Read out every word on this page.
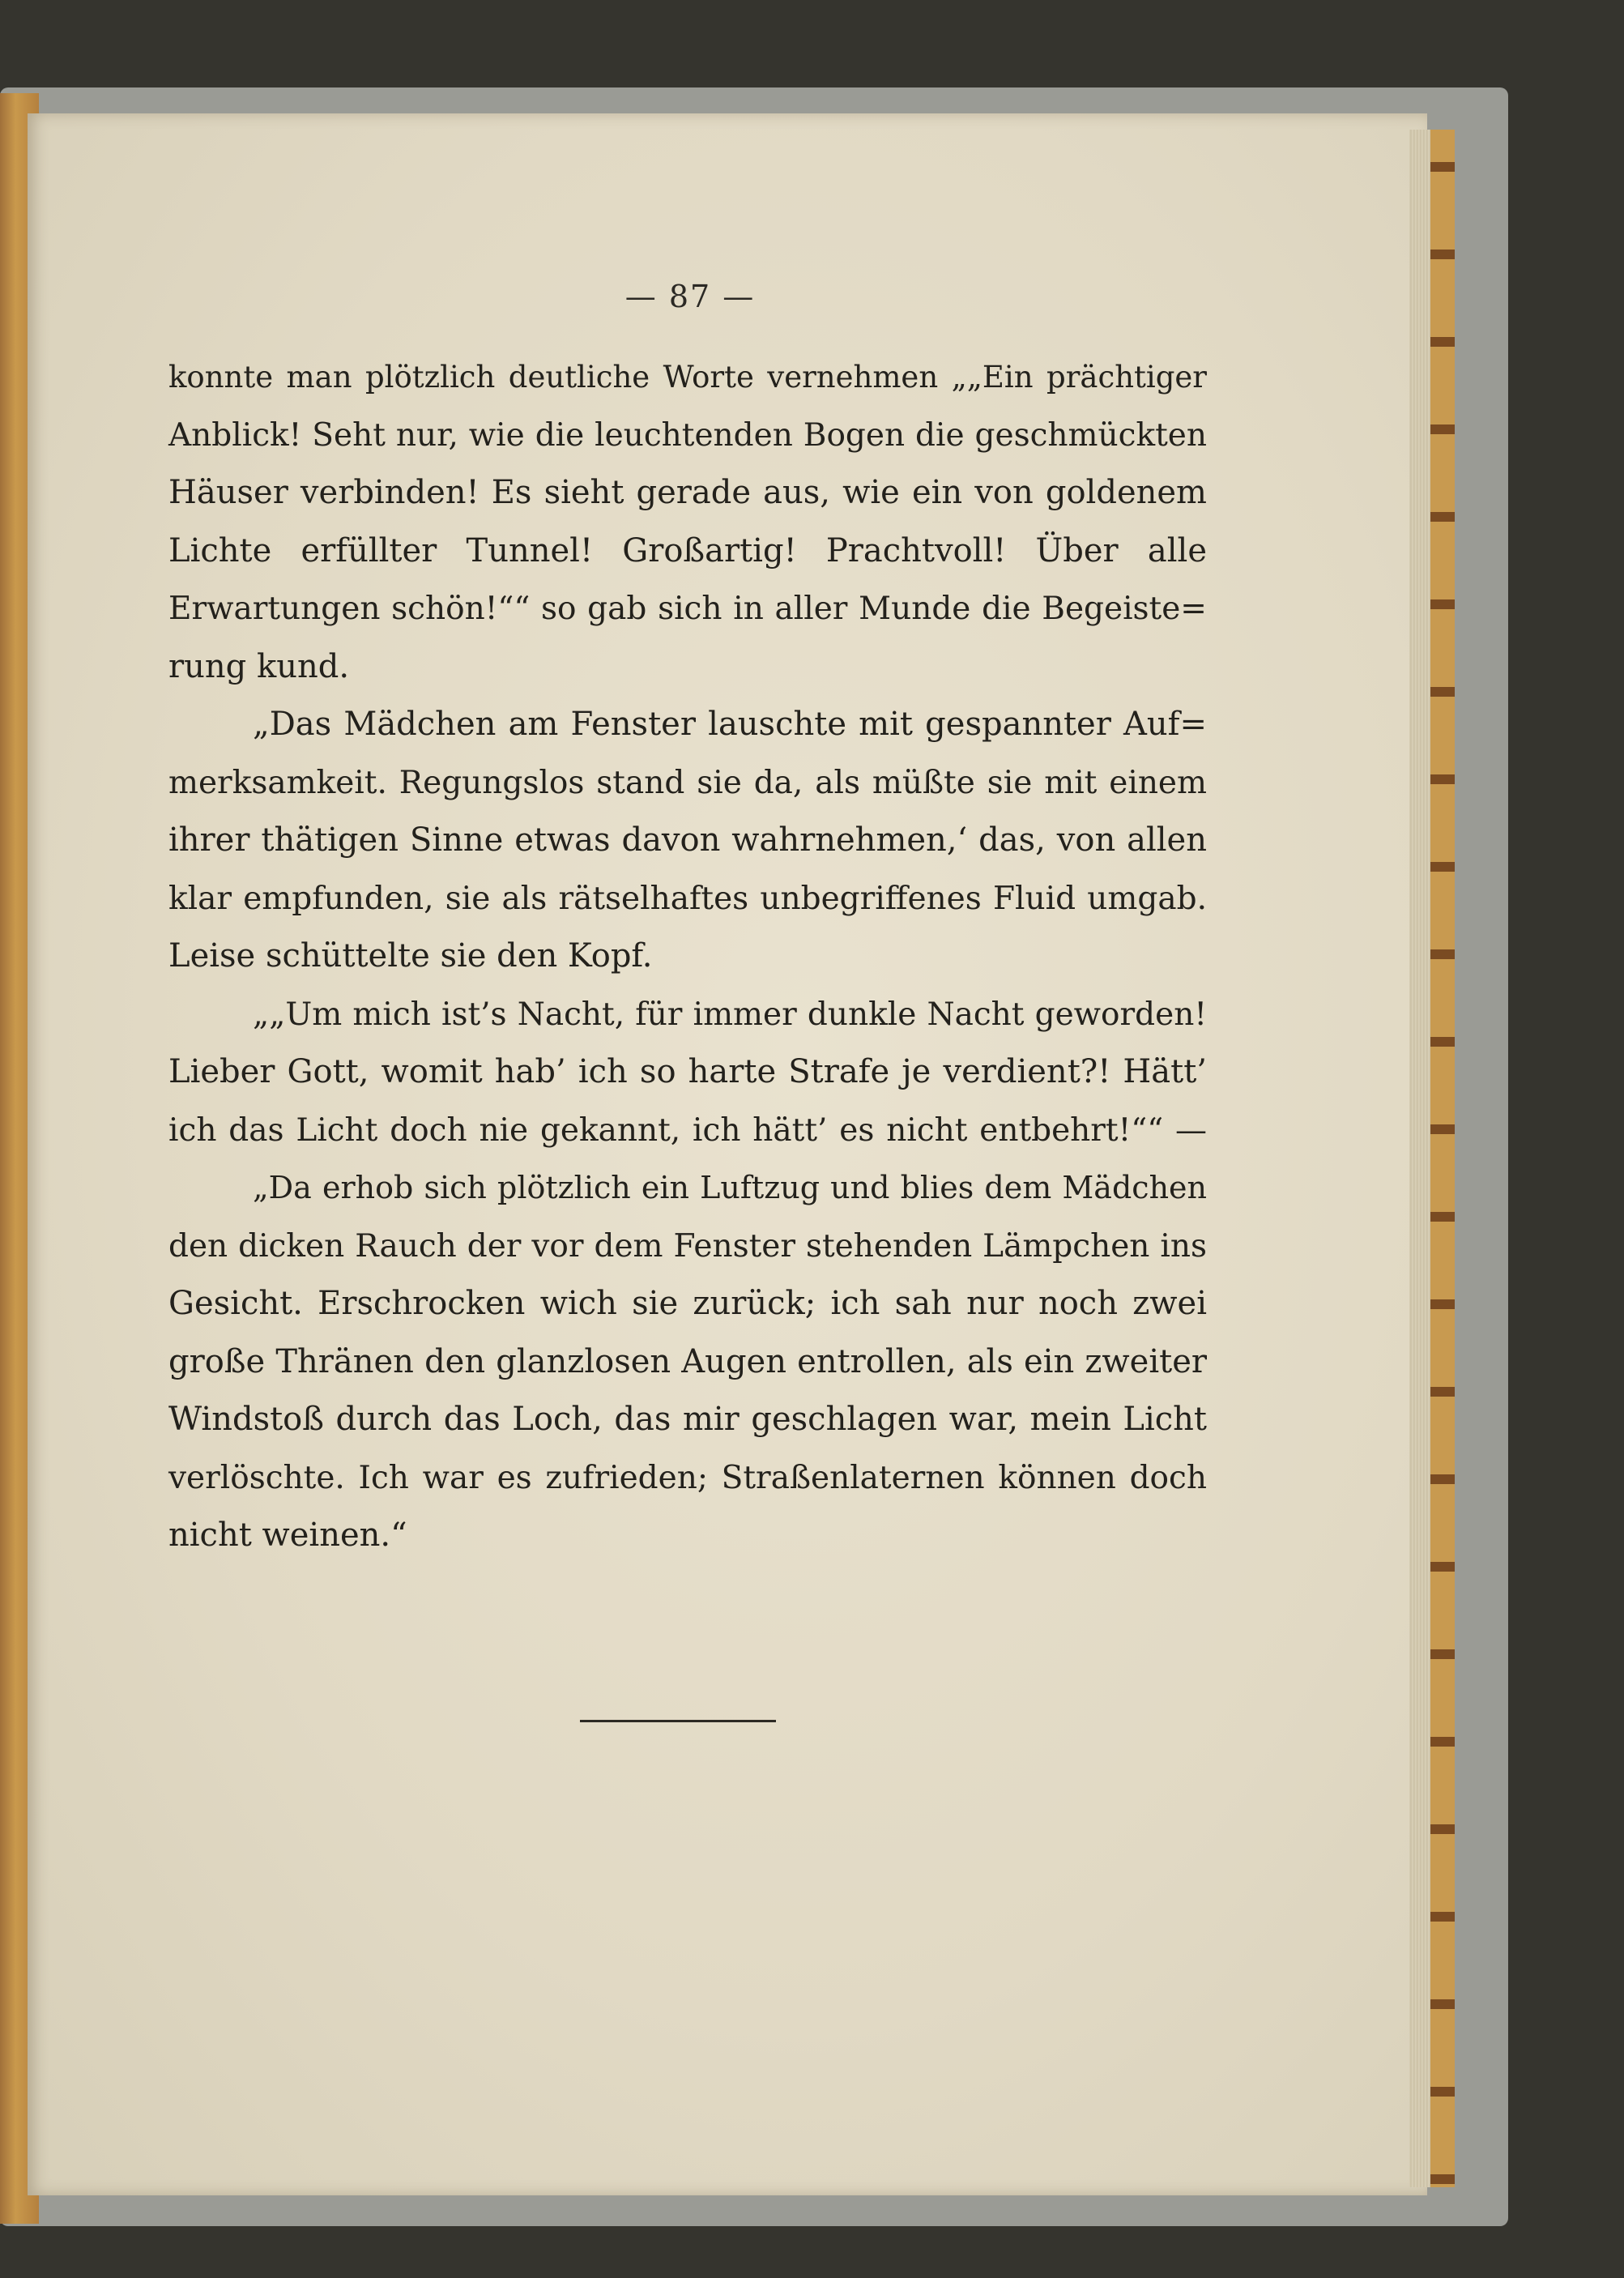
— 87 —
konnte man plötzlich deutliche Worte vernehmen „„Ein prächtiger
Anblick! Seht nur, wie die leuchtenden Bogen die geschmückten
Häuser verbinden! Es sieht gerade aus, wie ein von goldenem
Lichte erfüllter Tunnel! Großartig! Prachtvoll! Über alle
Erwartungen schön!““ so gab sich in aller Munde die Begeiste=
rung kund.
„Das Mädchen am Fenster lauschte mit gespannter Auf=
merksamkeit. Regungslos stand sie da, als müßte sie mit einem
ihrer thätigen Sinne etwas davon wahrnehmen,‘ das, von allen
klar empfunden, sie als rätselhaftes unbegriffenes Fluid umgab.
Leise schüttelte sie den Kopf.
„„Um mich ist’s Nacht, für immer dunkle Nacht geworden!
Lieber Gott, womit hab’ ich so harte Strafe je verdient?! Hätt’
ich das Licht doch nie gekannt, ich hätt’ es nicht entbehrt!““ —
„Da erhob sich plötzlich ein Luftzug und blies dem Mädchen
den dicken Rauch der vor dem Fenster stehenden Lämpchen ins
Gesicht. Erschrocken wich sie zurück; ich sah nur noch zwei
große Thränen den glanzlosen Augen entrollen, als ein zweiter
Windstoß durch das Loch, das mir geschlagen war, mein Licht
verlöschte. Ich war es zufrieden; Straßenlaternen können doch
nicht weinen.“
